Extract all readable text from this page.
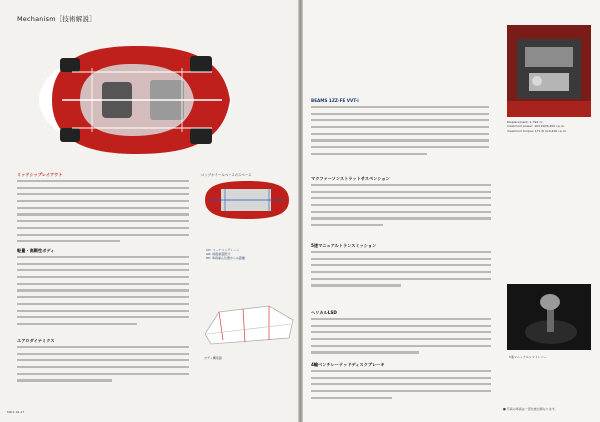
Mechanism［技術解説］
ミッドシップレイアウト	ロングホイールベースのスペース
CH: コーナリングレーン
GR: 前後重量配分
HP: 車両重心位置からの距離
軽量・高剛性ボディ
ボディ構造図
エアロダイナミクス
MR-S 16-17
BEAMS 1ZZ-FE VVT-i
Displacement: 1,794 cc
maximum power: 103 kW/6,400 r.p.m.
maximum torque: 171 N·m/4,400 r.p.m.
マクファーソンストラットサスペンション
5速マニュアルトランスミッション
ヘリカルLSD
4輪ベンチレーテッドディスクブレーキ
5速マニュアルシフトレバー
■ 写真の車両は一部仕様が異なります。
